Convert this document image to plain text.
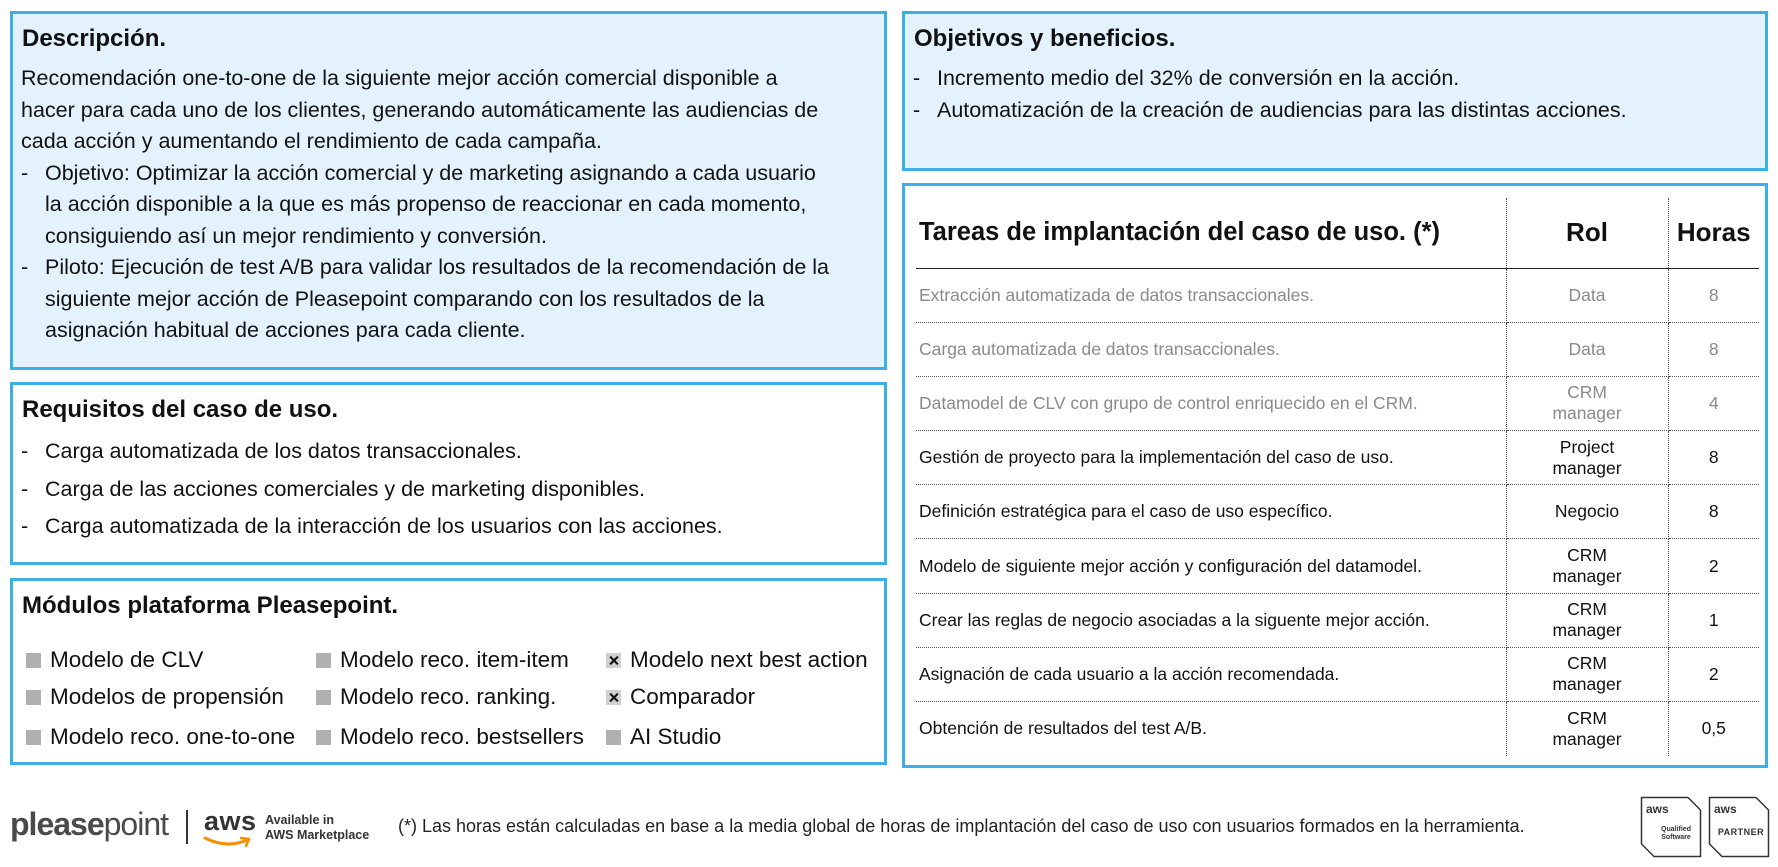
Descripción.
Recomendación one-to-one de la siguiente mejor acción comercial disponible a
hacer para cada uno de los clientes, generando automáticamente las audiencias de
cada acción y aumentando el rendimiento de cada campaña.
- Objetivo: Optimizar la acción comercial y de marketing asignando a cada usuario
la acción disponible a la que es más propenso de reaccionar en cada momento,
consiguiendo así un mejor rendimiento y conversión.
- Piloto: Ejecución de test A/B para validar los resultados de la recomendación de la
siguiente mejor acción de Pleasepoint comparando con los resultados de la
asignación habitual de acciones para cada cliente.
Requisitos del caso de uso.
- Carga automatizada de los datos transaccionales.
- Carga de las acciones comerciales y de marketing disponibles.
- Carga automatizada de la interacción de los usuarios con las acciones.
Módulos plataforma Pleasepoint.
Modelo de CLV	Modelo reco. item-item	Modelo next best action
Modelos de propensión Modelo reco. ranking.	Comparador
Modelo reco. one-to-one Modelo reco. bestsellers AI Studio
Objetivos y beneficios.
- Incremento medio del 32% de conversión en la acción.
- Automatización de la creación de audiencias para las distintas acciones.
Tareas de implantación del caso de uso. (*)	Rol	Horas
Extracción automatizada de datos transaccionales.	Data	8
Carga automatizada de datos transaccionales.	Data	8
Datamodel de CLV con grupo de control enriquecido en el CRM.	CRM
manager	4
Gestión de proyecto para la implementación del caso de uso.	Project
manager	8
Definición estratégica para el caso de uso específico.	Negocio	8
Modelo de siguiente mejor acción y configuración del datamodel.	CRM
manager	2
Crear las reglas de negocio asociadas a la siguente mejor acción.	CRM
manager	1
Asignación de cada usuario a la acción recomendada.	CRM
manager	2
Obtención de resultados del test A/B.	CRM
manager	0,5
pleasepoint aws Available in
AWS Marketplace (*) Las horas están calculadas en base a la media global de horas de implantación del caso de uso con usuarios formados en la herramienta.
aws
Qualified
Software
aws
PARTNER
